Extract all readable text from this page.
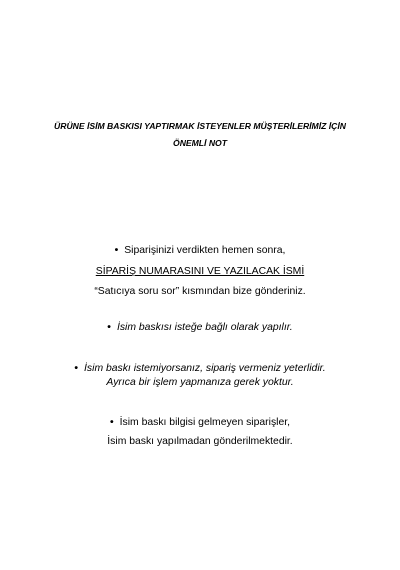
ÜRÜNE İSİM BASKISI YAPTIRMAK İSTEYENLER MÜŞTERİLERİMİZ İÇİN
ÖNEMLİ NOT
• Siparişinizi verdikten hemen sonra,
SİPARİŞ NUMARASINI VE YAZILACAK İSMİ
“Satıcıya soru sor” kısmından bize gönderiniz.
• İsim baskısı isteğe bağlı olarak yapılır.
• İsim baskı istemiyorsanız, sipariş vermeniz yeterlidir.
Ayrıca bir işlem yapmanıza gerek yoktur.
• İsim baskı bilgisi gelmeyen siparişler,
İsim baskı yapılmadan gönderilmektedir.
